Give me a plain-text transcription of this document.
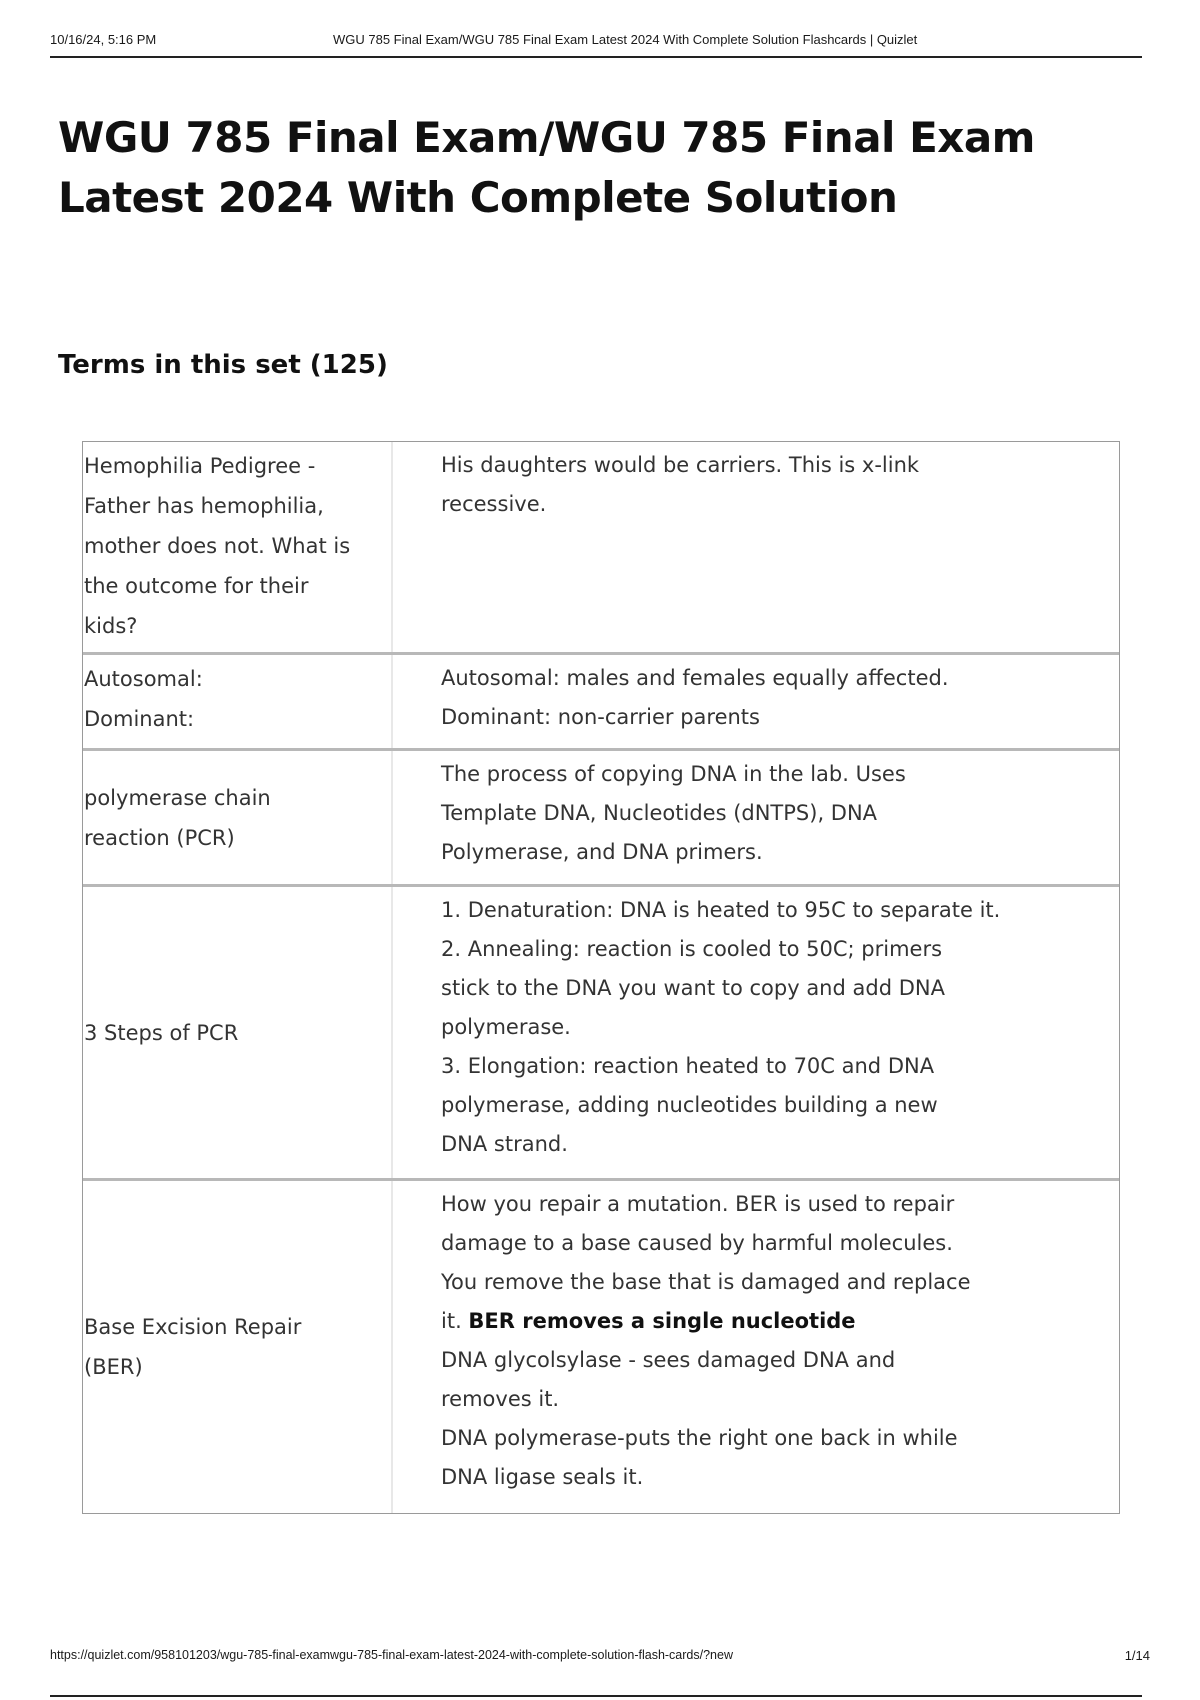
10/16/24, 5:16 PM	WGU 785 Final Exam/WGU 785 Final Exam Latest 2024 With Complete Solution Flashcards | Quizlet
WGU 785 Final Exam/WGU 785 Final Exam
Latest 2024 With Complete Solution
Terms in this set (125)
Hemophilia Pedigree -
Father has hemophilia,
mother does not. What is
the outcome for their
kids?
His daughters would be carriers. This is x-link
recessive.
Autosomal:
Dominant:
Autosomal: males and females equally affected.
Dominant: non-carrier parents
polymerase chain
reaction (PCR)
The process of copying DNA in the lab. Uses
Template DNA, Nucleotides (dNTPS), DNA
Polymerase, and DNA primers.
3 Steps of PCR
1. Denaturation: DNA is heated to 95C to separate it.
2. Annealing: reaction is cooled to 50C; primers
stick to the DNA you want to copy and add DNA
polymerase.
3. Elongation: reaction heated to 70C and DNA
polymerase, adding nucleotides building a new
DNA strand.
Base Excision Repair
(BER)
How you repair a mutation. BER is used to repair
damage to a base caused by harmful molecules.
You remove the base that is damaged and replace
it. BER removes a single nucleotide
DNA glycolsylase - sees damaged DNA and
removes it.
DNA polymerase-puts the right one back in while
DNA ligase seals it.
https://quizlet.com/958101203/wgu-785-final-examwgu-785-final-exam-latest-2024-with-complete-solution-flash-cards/?new	1/14
